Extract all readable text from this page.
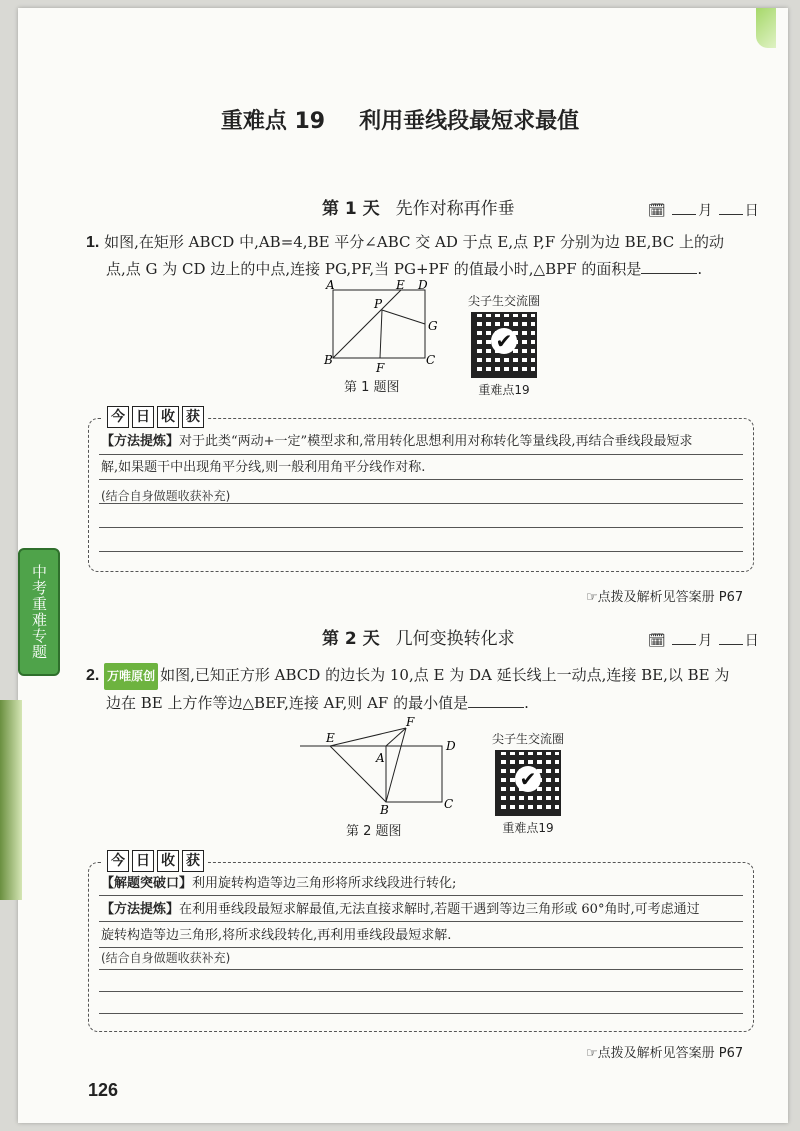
中考重难专题
重难点 19 利用垂线段最短求最值
第 1 天 先作对称再作垂	🗓 月 日
1. 如图,在矩形 ABCD 中,AB=4,BE 平分∠ABC 交 AD 于点 E,点 P,F 分别为边 BE,BC 上的动
点,点 G 为 CD 边上的中点,连接 PG,PF,当 PG+PF 的值最小时,△BPF 的面积是	.
A	E D
P
G
B
F
C
第 1 题图
尖子生交流圈
✔
重难点19
今 日 收 获
【方法提炼】对于此类“两动+一定”模型求和,常用转化思想利用对称转化等量线段,再结合垂线段最短求
解,如果题干中出现角平分线,则一般利用角平分线作对称.
(结合自身做题收获补充)
☞点拨及解析见答案册 P67
第 2 天 几何变换转化求	🗓 月 日
2. 万唯原创 如图,已知正方形 ABCD 的边长为 10,点 E 为 DA 延长线上一动点,连接 BE,以 BE 为
边在 BE 上方作等边△BEF,连接 AF,则 AF 的最小值是	.
E
F
A
D
B	C
第 2 题图
尖子生交流圈
✔
重难点19
今 日 收 获
【解题突破口】利用旋转构造等边三角形将所求线段进行转化;
【方法提炼】在利用垂线段最短求解最值,无法直接求解时,若题干遇到等边三角形或 60°角时,可考虑通过
旋转构造等边三角形,将所求线段转化,再利用垂线段最短求解.
(结合自身做题收获补充)
☞点拨及解析见答案册 P67
126
